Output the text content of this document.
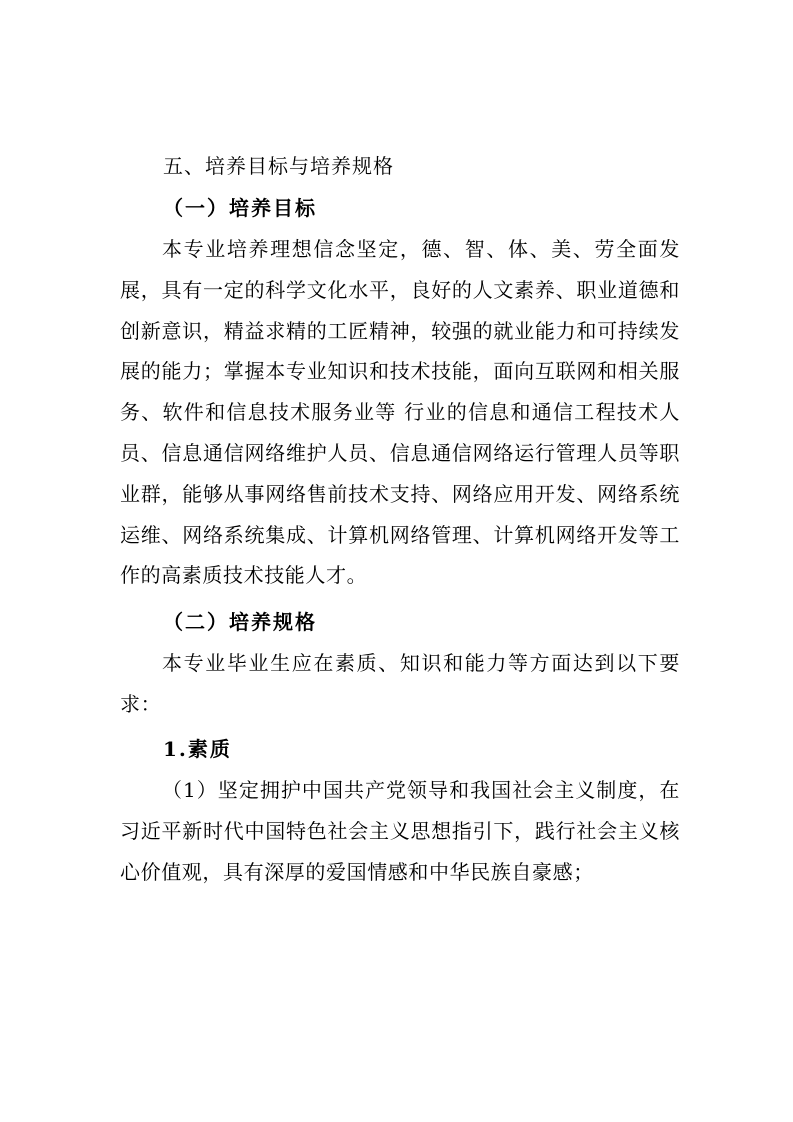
五、培养目标与培养规格
（一）培养目标
本专业培养理想信念坚定，德、智、体、美、劳全面发展，具有一定的科学文化水平，良好的人文素养、职业道德和创新意识，精益求精的工匠精神，较强的就业能力和可持续发展的能力；掌握本专业知识和技术技能，面向互联网和相关服务、软件和信息技术服务业等 行业的信息和通信工程技术人员、信息通信网络维护人员、信息通信网络运行管理人员等职业群，能够从事网络售前技术支持、网络应用开发、网络系统运维、网络系统集成、计算机网络管理、计算机网络开发等工作的高素质技术技能人才。
（二）培养规格
本专业毕业生应在素质、知识和能力等方面达到以下要求：
1.素质
（1）坚定拥护中国共产党领导和我国社会主义制度，在习近平新时代中国特色社会主义思想指引下，践行社会主义核心价值观，具有深厚的爱国情感和中华民族自豪感；
